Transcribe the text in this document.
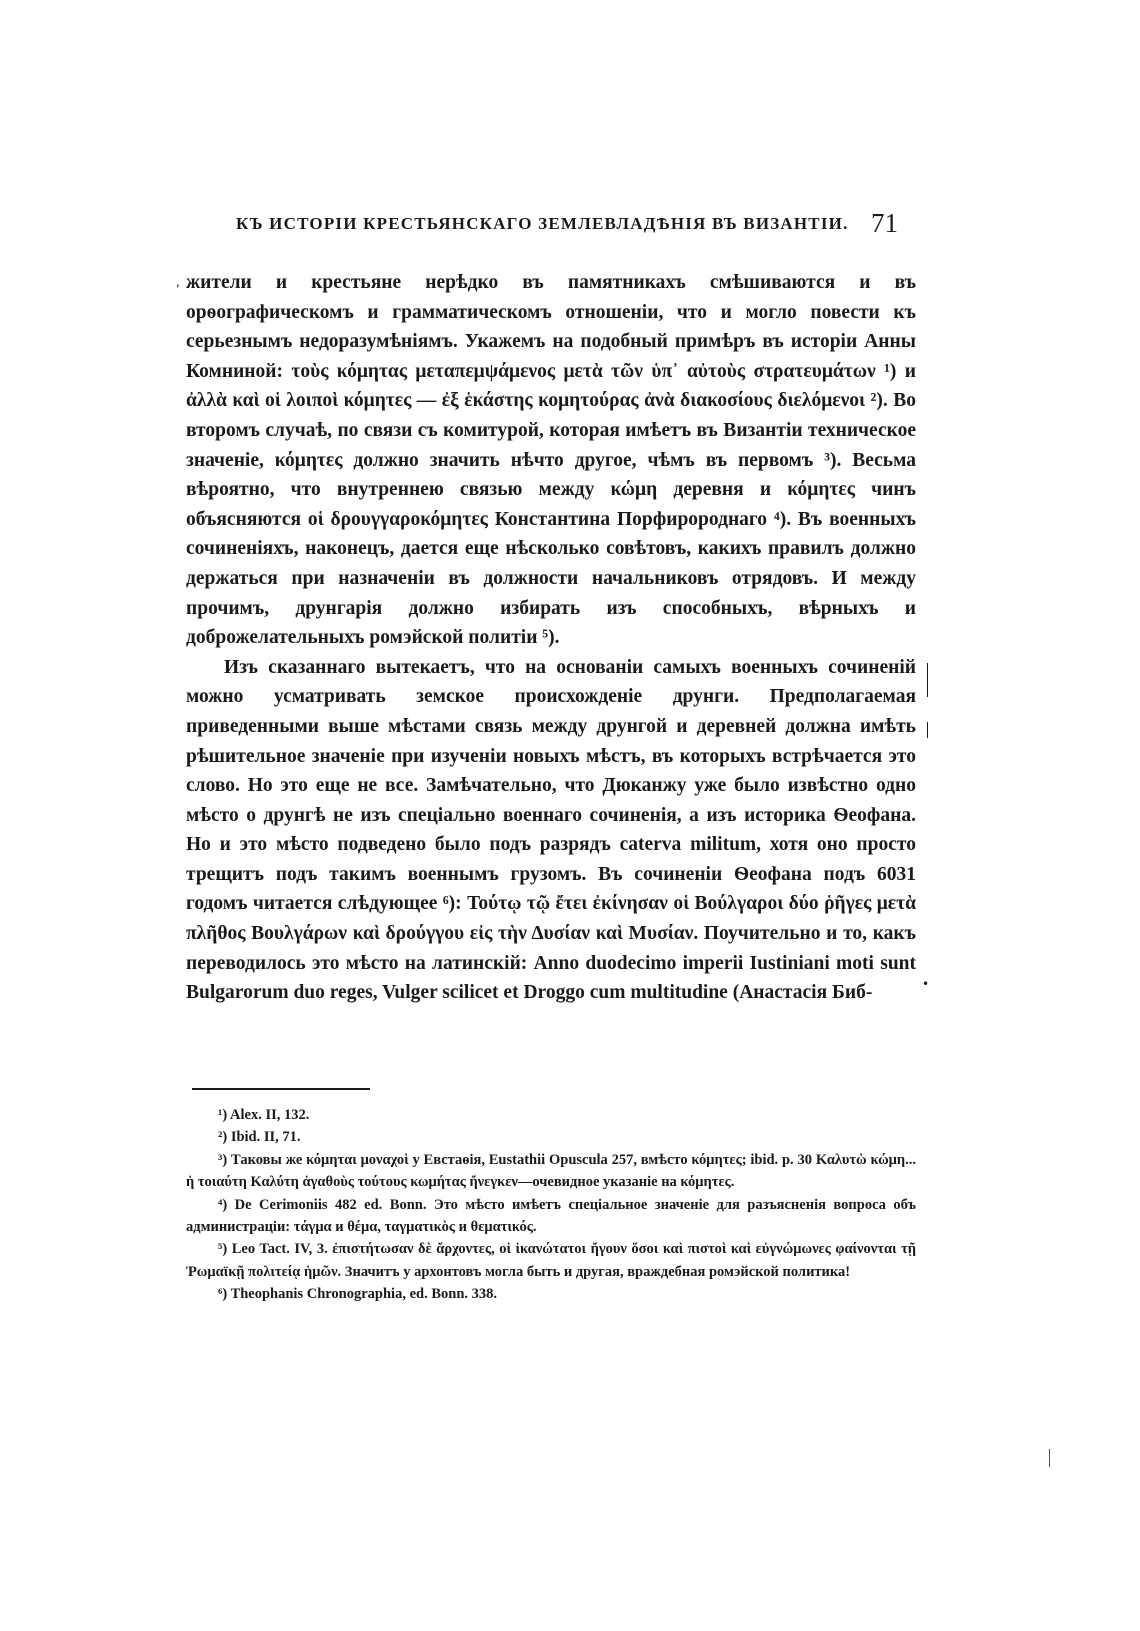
КЪ ИСТОРІИ КРЕСТЬЯНСКАГО ЗЕМЛЕВЛАДѢНІЯ ВЪ ВИЗАНТІИ. 71

жители и крестьяне нерѣдко въ памятникахъ смѣшиваются и въ орѳографическомъ и грамматическомъ отношеніи, что и могло повести къ серьезнымъ недоразумѣніямъ. Укажемъ на подобный примѣръ въ исторіи Анны Комниной: τοὺς κόμητας μεταπεμψάμενος μετὰ τῶν ὑπ᾽ αὐτοὺς στρατευμάτων ¹) и ἀλλὰ καὶ οἱ λοιποὶ κόμητες — ἐξ ἑκάστης κομητούρας ἀνὰ διακοσίους διελόμενοι ²). Во второмъ случаѣ, по связи съ комитурой, которая имѣетъ въ Византіи техническое значеніе, κόμητες должно значить нѣчто другое, чѣмъ въ первомъ ³). Весьма вѣроятно, что внутреннею связью между κώμη деревня и κόμητες чинъ объясняются οἱ δρουγγαροκόμητες Константина Порфиророднаго ⁴). Въ военныхъ сочиненіяхъ, наконецъ, дается еще нѣсколько совѣтовъ, какихъ правилъ должно держаться при назначеніи въ должности начальниковъ отрядовъ. И между прочимъ, друнгарія должно избирать изъ способныхъ, вѣрныхъ и доброжелательныхъ ромэйской политіи ⁵).

Изъ сказаннаго вытекаетъ, что на основаніи самыхъ военныхъ сочиненій можно усматривать земское происхожденіе друнги. Предполагаемая приведенными выше мѣстами связь между друнгой и деревней должна имѣть рѣшительное значеніе при изученіи новыхъ мѣстъ, въ которыхъ встрѣчается это слово. Но это еще не все. Замѣчательно, что Дюканжу уже было извѣстно одно мѣсто о друнгѣ не изъ спеціально военнаго сочиненія, а изъ историка Ѳеофана. Но и это мѣсто подведено было подъ разрядъ caterva militum, хотя оно просто трещитъ подъ такимъ военнымъ грузомъ. Въ сочиненіи Ѳеофана подъ 6031 годомъ читается слѣдующее ⁶): Τούτῳ τῷ ἔτει ἐκίνησαν οἱ Βούλγαροι δύο ῥῆγες μετὰ πλῆθος Βουλγάρων καὶ δρούγγου εἰς τὴν Δυσίαν καὶ Μυσίαν. Поучительно и то, какъ переводилось это мѣсто на латинскій: Anno duodecimo imperii Iustiniani moti sunt Bulgarorum duo reges, Vulger scilicet et Droggo cum multitudine (Анастасія Биб-

¹) Alex. II, 132.

²) Ibid. II, 71.

³) Таковы же κόμηται μοναχοὶ у Евстаѳія, Eustathii Opuscula 257, вмѣсто κόμητες; ibid. p. 30 Καλυτὼ κώμη... ἡ τοιαύτη Καλύτη ἀγαθοὺς τούτους κωμήτας ἤνεγκεν—очевидное указаніе на κόμητες.

⁴) De Cerimoniis 482 ed. Bonn. Это мѣсто имѣетъ спеціальное значеніе для разъясненія вопроса объ администраціи: τάγμα и θέμα, ταγματικὸς и θεματικός.

⁵) Leo Tact. IV, 3. ἐπιστήτωσαν δὲ ἄρχοντες, οἱ ἱκανώτατοι ἤγουν ὅσοι καὶ πιστοὶ καὶ εὐγνώμωνες φαίνονται τῇ Ῥωμαϊκῇ πολιτείᾳ ἡμῶν. Значитъ у архонтовъ могла быть и другая, враждебная ромэйской политика!

⁶) Theophanis Chronographia, ed. Bonn. 338.

•
,
